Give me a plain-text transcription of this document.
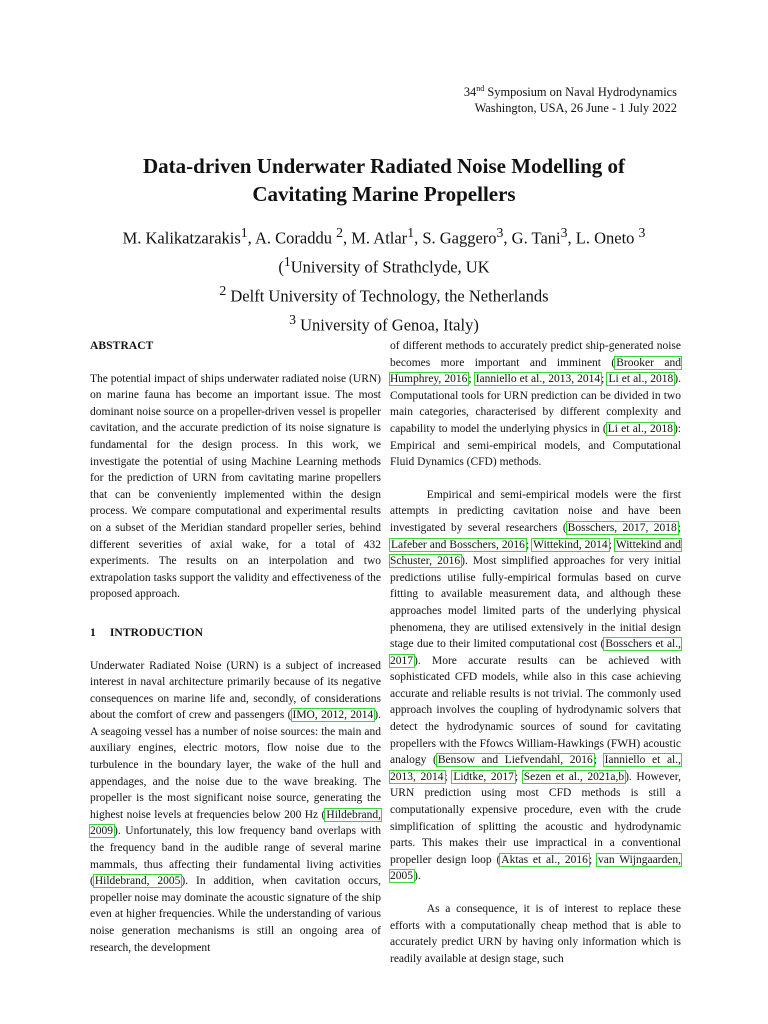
34nd Symposium on Naval Hydrodynamics
Washington, USA, 26 June - 1 July 2022
Data-driven Underwater Radiated Noise Modelling of
Cavitating Marine Propellers
M. Kalikatzarakis$^1$, A. Coraddu $^2$, M. Atlar$^1$, S. Gaggero$^3$, G. Tani$^3$, L. Oneto $^3$
($^1$University of Strathclyde, UK
$^2$ Delft University of Technology, the Netherlands
$^3$ University of Genoa, Italy)
ABSTRACT

The potential impact of ships underwater radiated noise (URN) on marine fauna has become an important issue. The most dominant noise source on a propeller-driven vessel is propeller cavitation, and the accurate prediction of its noise signature is fundamental for the design process. In this work, we investigate the potential of using Machine Learning methods for the prediction of URN from cavitating marine propellers that can be conveniently implemented within the design process. We compare computational and experimental results on a subset of the Meridian standard propeller series, behind different severities of axial wake, for a total of 432 experiments. The results on an interpolation and two extrapolation tasks support the validity and effectiveness of the proposed approach.

1 INTRODUCTION

Underwater Radiated Noise (URN) is a subject of increased interest in naval architecture primarily because of its negative consequences on marine life and, secondly, of considerations about the comfort of crew and passengers (IMO, 2012, 2014). A seagoing vessel has a number of noise sources: the main and auxiliary engines, electric motors, flow noise due to the turbulence in the boundary layer, the wake of the hull and appendages, and the noise due to the wave breaking. The propeller is the most significant noise source, generating the highest noise levels at frequencies below 200 Hz (Hildebrand, 2009). Unfortunately, this low frequency band overlaps with the frequency band in the audible range of several marine mammals, thus affecting their fundamental living activities (Hildebrand, 2005). In addition, when cavitation occurs, propeller noise may dominate the acoustic signature of the ship even at higher frequencies. While the understanding of various noise generation mechanisms is still an ongoing area of research, the development

of different methods to accurately predict ship-generated noise becomes more important and imminent (Brooker and Humphrey, 2016; Ianniello et al., 2013, 2014; Li et al., 2018). Computational tools for URN prediction can be divided in two main categories, characterised by different complexity and capability to model the underlying physics in (Li et al., 2018): Empirical and semi-empirical models, and Computational Fluid Dynamics (CFD) methods.

Empirical and semi-empirical models were the first attempts in predicting cavitation noise and have been investigated by several researchers (Bosschers, 2017, 2018; Lafeber and Bosschers, 2016; Wittekind, 2014; Wittekind and Schuster, 2016). Most simplified approaches for very initial predictions utilise fully-empirical formulas based on curve fitting to available measurement data, and although these approaches model limited parts of the underlying physical phenomena, they are utilised extensively in the initial design stage due to their limited computational cost (Bosschers et al., 2017). More accurate results can be achieved with sophisticated CFD models, while also in this case achieving accurate and reliable results is not trivial. The commonly used approach involves the coupling of hydrodynamic solvers that detect the hydrodynamic sources of sound for cavitating propellers with the Ffowcs William-Hawkings (FWH) acoustic analogy (Bensow and Liefvendahl, 2016; Ianniello et al., 2013, 2014; Lidtke, 2017; Sezen et al., 2021a,b). However, URN prediction using most CFD methods is still a computationally expensive procedure, even with the crude simplification of splitting the acoustic and hydrodynamic parts. This makes their use impractical in a conventional propeller design loop (Aktas et al., 2016; van Wijngaarden, 2005).

As a consequence, it is of interest to replace these efforts with a computationally cheap method that is able to accurately predict URN by having only information which is readily available at design stage, such
